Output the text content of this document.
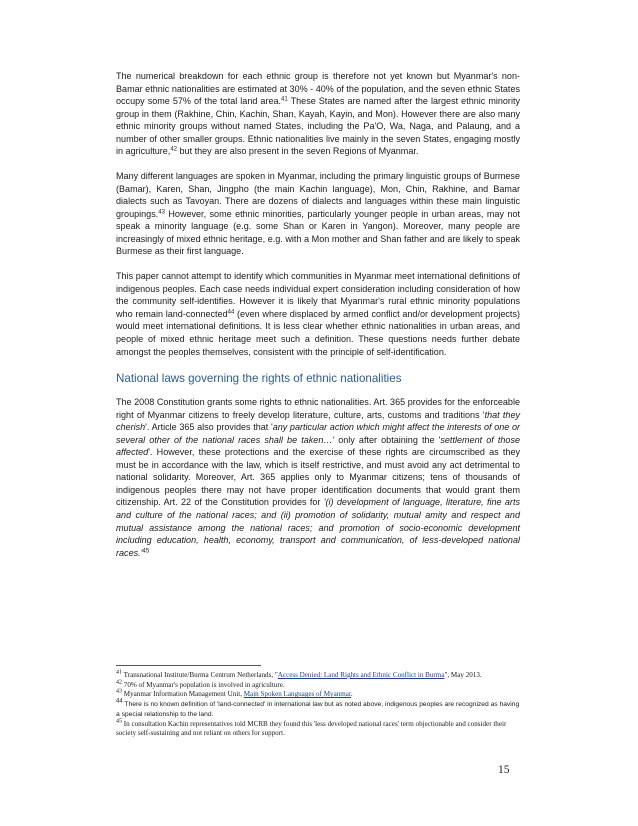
The numerical breakdown for each ethnic group is therefore not yet known but Myanmar's non-Bamar ethnic nationalities are estimated at 30% - 40% of the population, and the seven ethnic States occupy some 57% of the total land area.$^{41}$ These States are named after the largest ethnic minority group in them (Rakhine, Chin, Kachin, Shan, Kayah, Kayin, and Mon). However there are also many ethnic minority groups without named States, including the Pa'O, Wa, Naga, and Palaung, and a number of other smaller groups. Ethnic nationalities live mainly in the seven States, engaging mostly in agriculture,$^{42}$ but they are also present in the seven Regions of Myanmar.

Many different languages are spoken in Myanmar, including the primary linguistic groups of Burmese (Bamar), Karen, Shan, Jingpho (the main Kachin language), Mon, Chin, Rakhine, and Bamar dialects such as Tavoyan. There are dozens of dialects and languages within these main linguistic groupings.$^{43}$ However, some ethnic minorities, particularly younger people in urban areas, may not speak a minority language (e.g. some Shan or Karen in Yangon). Moreover, many people are increasingly of mixed ethnic heritage, e.g. with a Mon mother and Shan father and are likely to speak Burmese as their first language.

This paper cannot attempt to identify which communities in Myanmar meet international definitions of indigenous peoples. Each case needs individual expert consideration including consideration of how the community self-identifies. However it is likely that Myanmar's rural ethnic minority populations who remain land-connected$^{44}$ (even where displaced by armed conflict and/or development projects) would meet international definitions. It is less clear whether ethnic nationalities in urban areas, and people of mixed ethnic heritage meet such a definition. These questions needs further debate amongst the peoples themselves, consistent with the principle of self-identification.

National laws governing the rights of ethnic nationalities

The 2008 Constitution grants some rights to ethnic nationalities. Art. 365 provides for the enforceable right of Myanmar citizens to freely develop literature, culture, arts, customs and traditions 'that they cherish'. Article 365 also provides that 'any particular action which might affect the interests of one or several other of the national races shall be taken…' only after obtaining the 'settlement of those affected'. However, these protections and the exercise of these rights are circumscribed as they must be in accordance with the law, which is itself restrictive, and must avoid any act detrimental to national solidarity. Moreover, Art. 365 applies only to Myanmar citizens; tens of thousands of indigenous peoples there may not have proper identification documents that would grant them citizenship. Art. 22 of the Constitution provides for '(i) development of language, literature, fine arts and culture of the national races; and (ii) promotion of solidarity, mutual amity and respect and mutual assistance among the national races; and promotion of socio-economic development including education, health, economy, transport and communication, of less-developed national $races.'^{45}$

$^{41}$ Transnational Institute/Burma Centrum Netherlands, "Access Denied: Land Rights and Ethnic Conflict in Burma", May 2013.

$^{42}$ 70% of Myanmar's population is involved in agriculture.

$^{43}$ Myanmar Information Management Unit, Main Spoken Languages of Myanmar.

$^{44}$ There is no known definition of 'land-connected' in international law but as noted above, indigenous peoples are recognized as having a special relationship to the land.

$^{45}$ In consultation Kachin representatives told MCRB they found this 'less developed national races' term objectionable and consider their society self-sustaining and not reliant on others for support.

15
